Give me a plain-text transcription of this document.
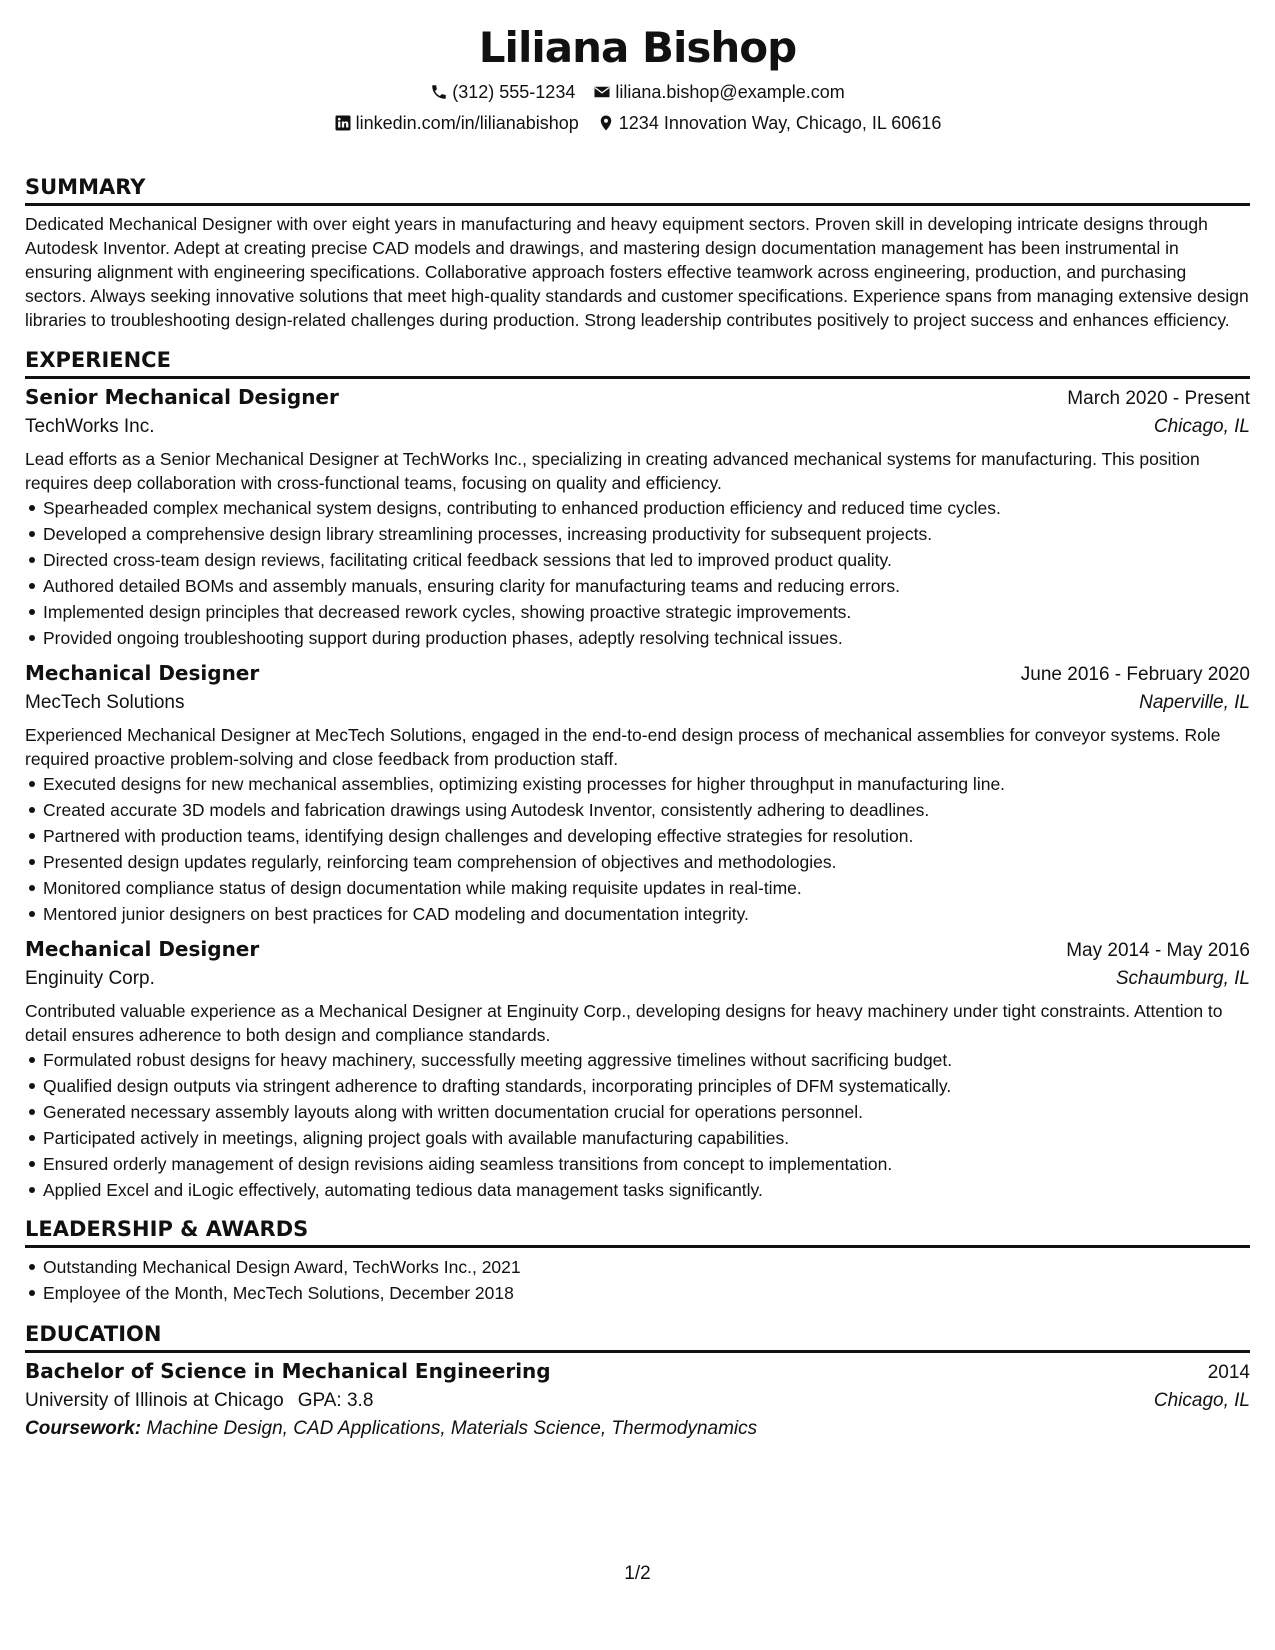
Liliana Bishop
(312) 555-1234 liliana.bishop@example.com
linkedin.com/in/lilianabishop 1234 Innovation Way, Chicago, IL 60616
SUMMARY

Dedicated Mechanical Designer with over eight years in manufacturing and heavy equipment sectors. Proven skill in developing intricate designs through Autodesk Inventor. Adept at creating precise CAD models and drawings, and mastering design documentation management has been instrumental in ensuring alignment with engineering specifications. Collaborative approach fosters effective teamwork across engineering, production, and purchasing sectors. Always seeking innovative solutions that meet high-quality standards and customer specifications. Experience spans from managing extensive design libraries to troubleshooting design-related challenges during production. Strong leadership contributes positively to project success and enhances efficiency.

EXPERIENCE
Senior Mechanical Designer	March 2020 - Present
TechWorks Inc.	Chicago, IL

Lead efforts as a Senior Mechanical Designer at TechWorks Inc., specializing in creating advanced mechanical systems for manufacturing. This position requires deep collaboration with cross-functional teams, focusing on quality and efficiency.

Spearheaded complex mechanical system designs, contributing to enhanced production efficiency and reduced time cycles.
Developed a comprehensive design library streamlining processes, increasing productivity for subsequent projects.
Directed cross-team design reviews, facilitating critical feedback sessions that led to improved product quality.
Authored detailed BOMs and assembly manuals, ensuring clarity for manufacturing teams and reducing errors.
Implemented design principles that decreased rework cycles, showing proactive strategic improvements.
Provided ongoing troubleshooting support during production phases, adeptly resolving technical issues.
Mechanical Designer	June 2016 - February 2020
MecTech Solutions	Naperville, IL

Experienced Mechanical Designer at MecTech Solutions, engaged in the end-to-end design process of mechanical assemblies for conveyor systems. Role required proactive problem-solving and close feedback from production staff.

Executed designs for new mechanical assemblies, optimizing existing processes for higher throughput in manufacturing line.
Created accurate 3D models and fabrication drawings using Autodesk Inventor, consistently adhering to deadlines.
Partnered with production teams, identifying design challenges and developing effective strategies for resolution.
Presented design updates regularly, reinforcing team comprehension of objectives and methodologies.
Monitored compliance status of design documentation while making requisite updates in real-time.
Mentored junior designers on best practices for CAD modeling and documentation integrity.
Mechanical Designer	May 2014 - May 2016
Enginuity Corp.	Schaumburg, IL

Contributed valuable experience as a Mechanical Designer at Enginuity Corp., developing designs for heavy machinery under tight constraints. Attention to detail ensures adherence to both design and compliance standards.

Formulated robust designs for heavy machinery, successfully meeting aggressive timelines without sacrificing budget.
Qualified design outputs via stringent adherence to drafting standards, incorporating principles of DFM systematically.
Generated necessary assembly layouts along with written documentation crucial for operations personnel.
Participated actively in meetings, aligning project goals with available manufacturing capabilities.
Ensured orderly management of design revisions aiding seamless transitions from concept to implementation.
Applied Excel and iLogic effectively, automating tedious data management tasks significantly.
LEADERSHIP & AWARDS
Outstanding Mechanical Design Award, TechWorks Inc., 2021
Employee of the Month, MecTech Solutions, December 2018
EDUCATION
Bachelor of Science in Mechanical Engineering	2014
University of Illinois at Chicago GPA: 3.8	Chicago, IL
Coursework: Machine Design, CAD Applications, Materials Science, Thermodynamics
1/2
